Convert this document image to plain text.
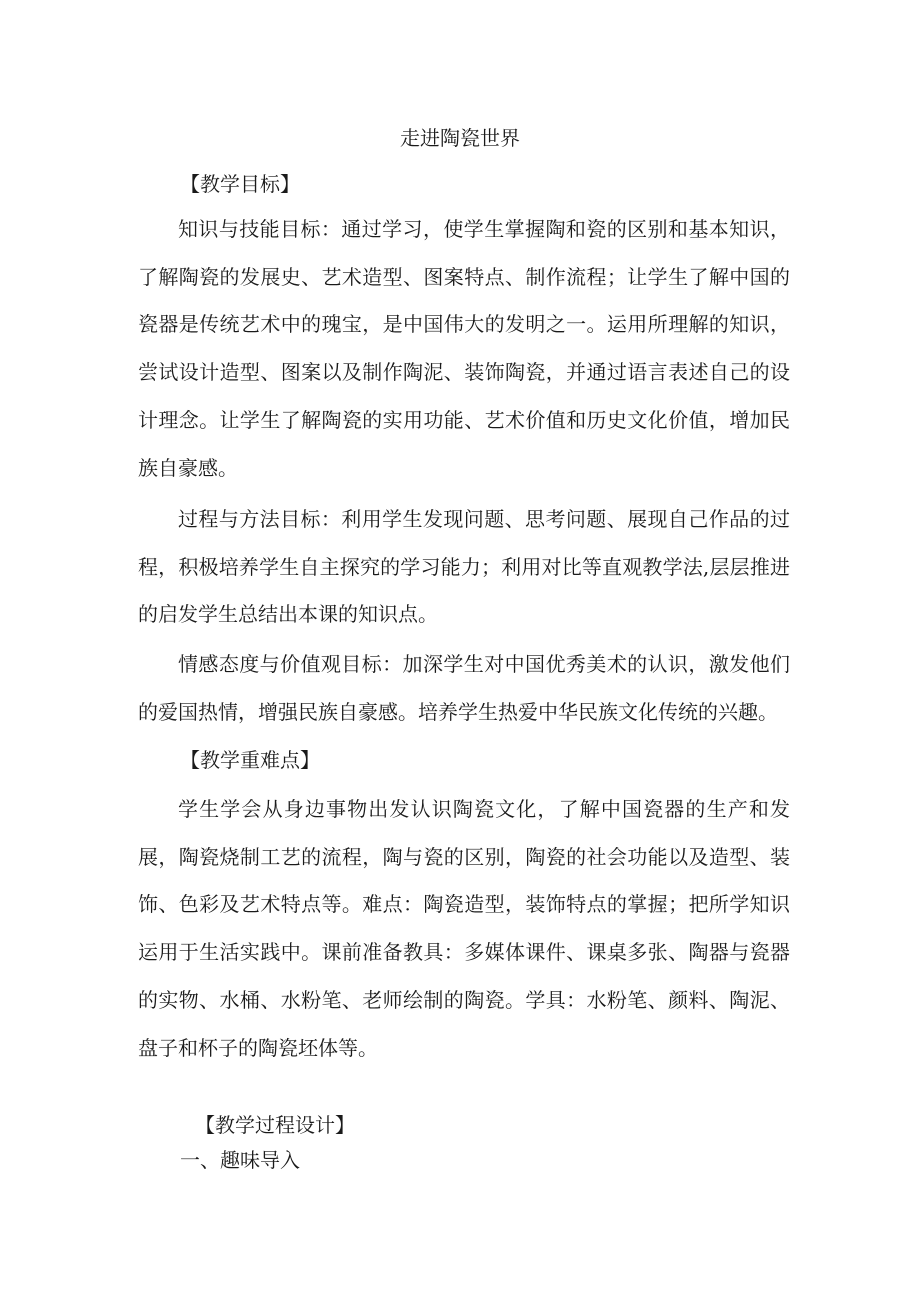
走进陶瓷世界
【教学目标】

知识与技能目标：通过学习，使学生掌握陶和瓷的区别和基本知识，了解陶瓷的发展史、艺术造型、图案特点、制作流程；让学生了解中国的瓷器是传统艺术中的瑰宝，是中国伟大的发明之一。运用所理解的知识，尝试设计造型、图案以及制作陶泥、装饰陶瓷，并通过语言表述自己的设计理念。让学生了解陶瓷的实用功能、艺术价值和历史文化价值，增加民族自豪感。

过程与方法目标：利用学生发现问题、思考问题、展现自己作品的过程，积极培养学生自主探究的学习能力；利用对比等直观教学法,层层推进的启发学生总结出本课的知识点。

情感态度与价值观目标：加深学生对中国优秀美术的认识，激发他们的爱国热情，增强民族自豪感。培养学生热爱中华民族文化传统的兴趣。

【教学重难点】

学生学会从身边事物出发认识陶瓷文化，了解中国瓷器的生产和发展，陶瓷烧制工艺的流程，陶与瓷的区别，陶瓷的社会功能以及造型、装饰、色彩及艺术特点等。难点：陶瓷造型，装饰特点的掌握；把所学知识运用于生活实践中。课前准备教具：多媒体课件、课桌多张、陶器与瓷器的实物、水桶、水粉笔、老师绘制的陶瓷。学具：水粉笔、颜料、陶泥、盘子和杯子的陶瓷坯体等。

【教学过程设计】
一、趣味导入
